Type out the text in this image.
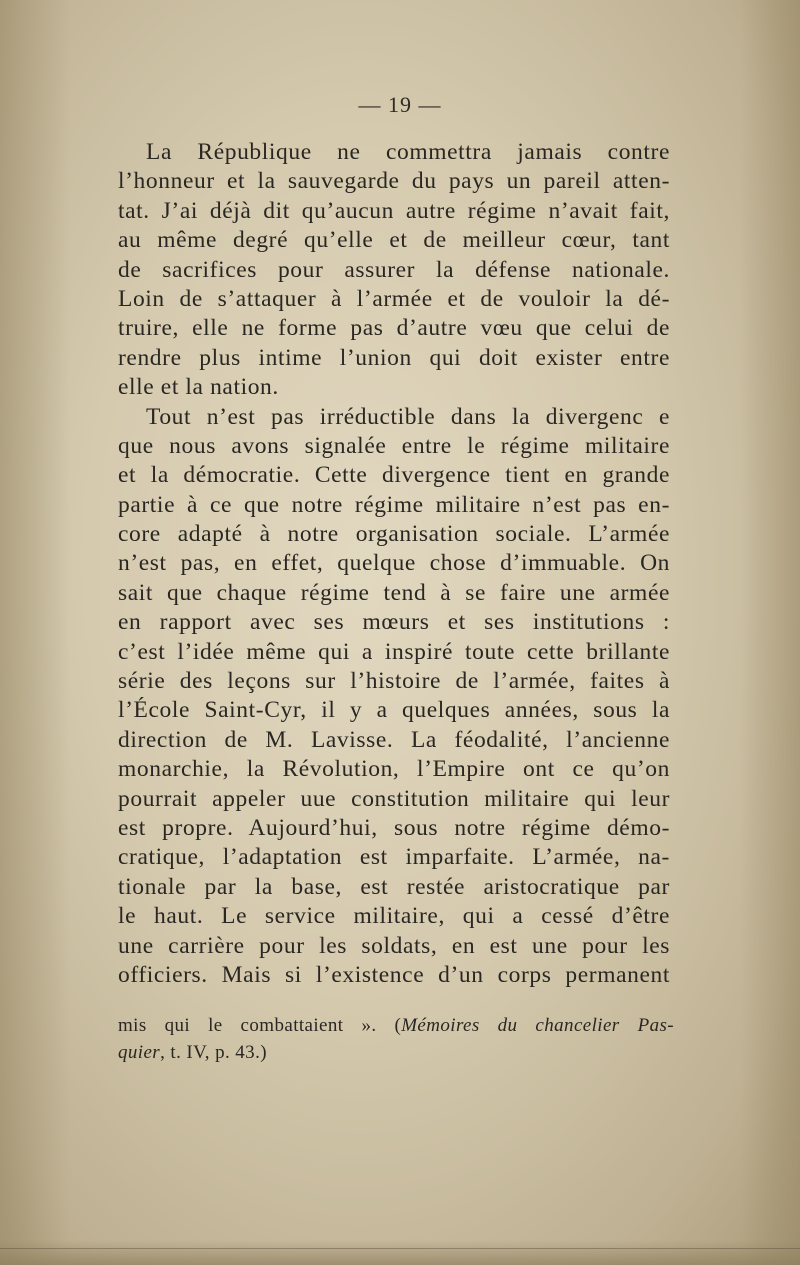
— 19 —
La République ne commettra jamais contre
l’honneur et la sauvegarde du pays un pareil atten-
tat. J’ai déjà dit qu’aucun autre régime n’avait fait,
au même degré qu’elle et de meilleur cœur, tant
de sacrifices pour assurer la défense nationale.
Loin de s’attaquer à l’armée et de vouloir la dé-
truire, elle ne forme pas d’autre vœu que celui de
rendre plus intime l’union qui doit exister entre
elle et la nation.
Tout n’est pas irréductible dans la divergenc e
que nous avons signalée entre le régime militaire
et la démocratie. Cette divergence tient en grande
partie à ce que notre régime militaire n’est pas en-
core adapté à notre organisation sociale. L’armée
n’est pas, en effet, quelque chose d’immuable. On
sait que chaque régime tend à se faire une armée
en rapport avec ses mœurs et ses institutions :
c’est l’idée même qui a inspiré toute cette brillante
série des leçons sur l’histoire de l’armée, faites à
l’École Saint-Cyr, il y a quelques années, sous la
direction de M. Lavisse. La féodalité, l’ancienne
monarchie, la Révolution, l’Empire ont ce qu’on
pourrait appeler uue constitution militaire qui leur
est propre. Aujourd’hui, sous notre régime démo-
cratique, l’adaptation est imparfaite. L’armée, na-
tionale par la base, est restée aristocratique par
le haut. Le service militaire, qui a cessé d’être
une carrière pour les soldats, en est une pour les
officiers. Mais si l’existence d’un corps permanent
mis qui le combattaient ». (Mémoires du chancelier Pas-
quier, t. IV, p. 43.)
